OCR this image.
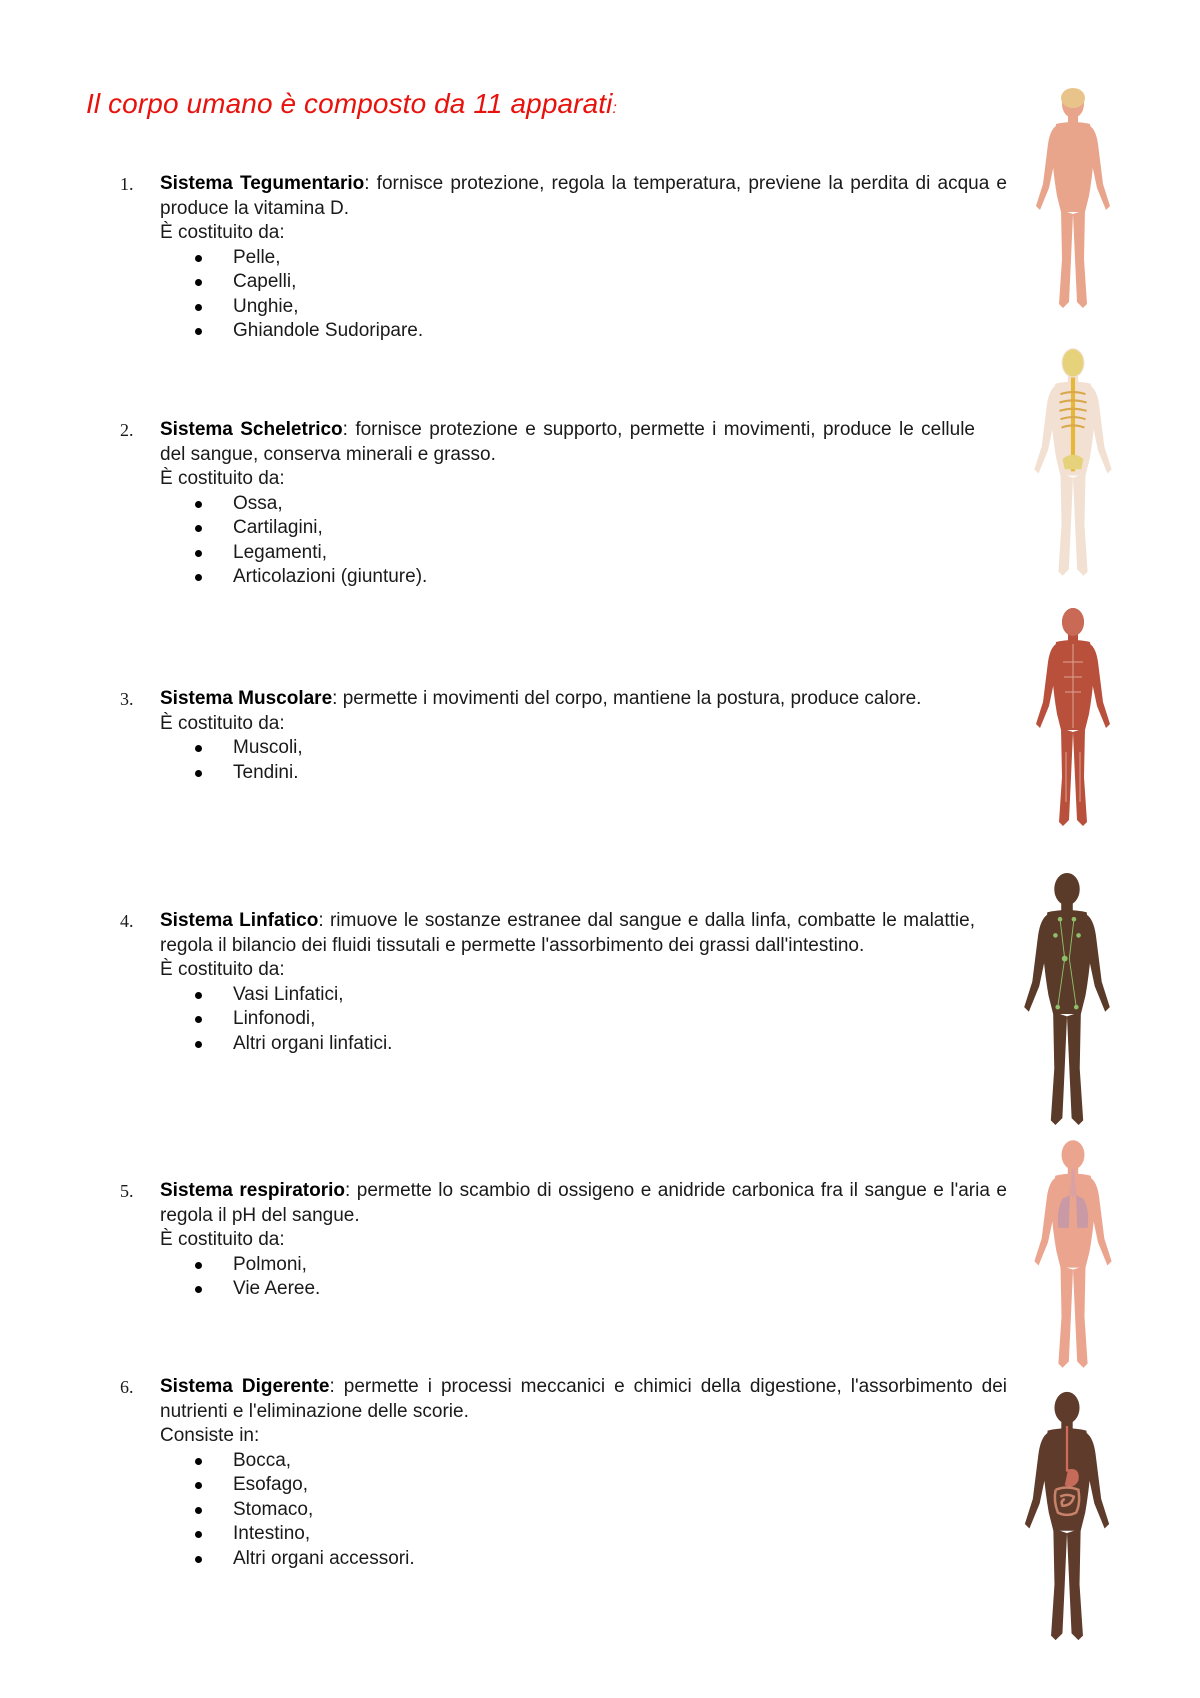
Il corpo umano è composto da 11 apparati:
1.	Sistema Tegumentario: fornisce protezione, regola la temperatura, previene la perdita di acqua e produce la vitamina D.
È costituito da:
Pelle,
Capelli,
Unghie,
Ghiandole Sudoripare.
2.	Sistema Scheletrico: fornisce protezione e supporto, permette i movimenti, produce le cellule del sangue, conserva minerali e grasso.
È costituito da:
Ossa,
Cartilagini,
Legamenti,
Articolazioni (giunture).
3.	Sistema Muscolare: permette i movimenti del corpo, mantiene la postura, produce calore.
È costituito da:
Muscoli,
Tendini.
4.	Sistema Linfatico: rimuove le sostanze estranee dal sangue e dalla linfa, combatte le malattie, regola il bilancio dei fluidi tissutali e permette l'assorbimento dei grassi dall'intestino.
È costituito da:
Vasi Linfatici,
Linfonodi,
Altri organi linfatici.
5.	Sistema respiratorio: permette lo scambio di ossigeno e anidride carbonica fra il sangue e l'aria e regola il pH del sangue.
È costituito da:
Polmoni,
Vie Aeree.
6.	Sistema Digerente: permette i processi meccanici e chimici della digestione, l'assorbimento dei nutrienti e l'eliminazione delle scorie.
Consiste in:
Bocca,
Esofago,
Stomaco,
Intestino,
Altri organi accessori.
